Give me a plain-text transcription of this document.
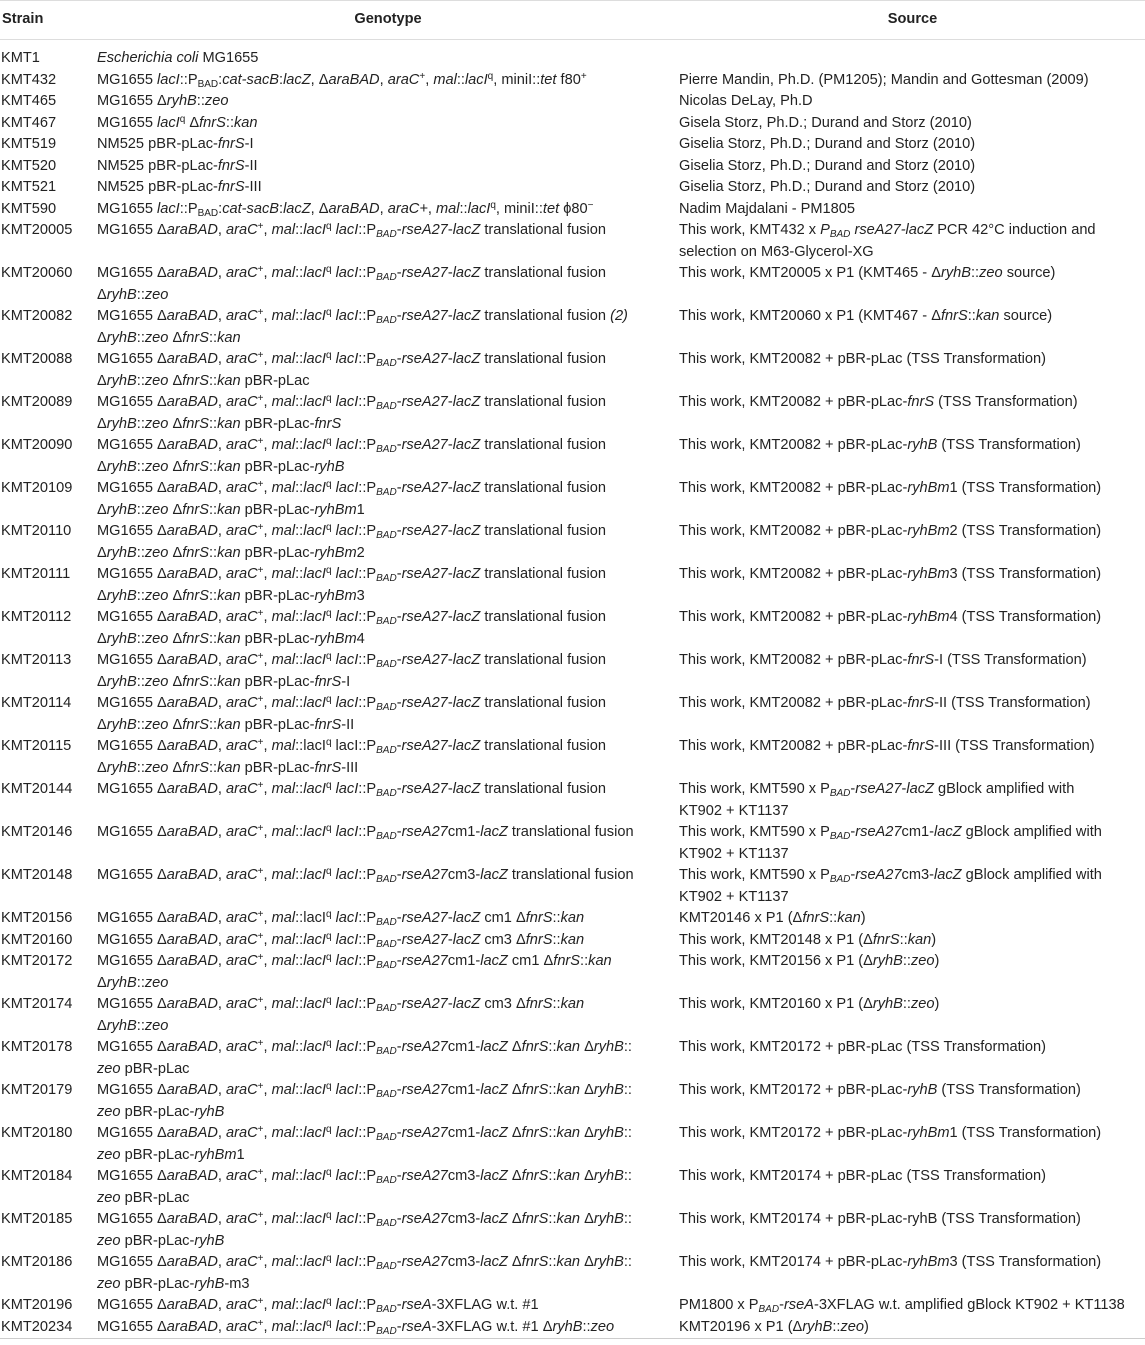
Strain	Genotype	Source
KMT1	Escherichia coli MG1655	
KMT432	MG1655 $lacI::P_{BAD}:cat-sacB:lacZ$, ΔaraBAD, araC+, mal::lacI$^q$, miniI::tet f80+	Pierre Mandin, Ph.D. (PM1205); Mandin and Gottesman (2009)
KMT465	MG1655 ΔryhB::zeo	Nicolas DeLay, Ph.D
KMT467	MG1655 lacI$^q$ ΔfnrS::kan	Gisela Storz, Ph.D.; Durand and Storz (2010)
KMT519	NM525 pBR-pLac-fnrS-I	Giselia Storz, Ph.D.; Durand and Storz (2010)
KMT520	NM525 pBR-pLac-fnrS-II	Giselia Storz, Ph.D.; Durand and Storz (2010)
KMT521	NM525 pBR-pLac-fnrS-III	Giselia Storz, Ph.D.; Durand and Storz (2010)
KMT590	MG1655 $lacI::P_{BAD}:cat-sacB:lacZ$, ΔaraBAD, araC+, mal::lacI$^q$, miniI::tet ϕ80−	Nadim Majdalani - PM1805
KMT20005	MG1655 ΔaraBAD, araC+, mal::lacI$^q$ $lacI::P_{BAD}-rseA27$-lacZ translational fusion	This work, KMT432 x $P_{BAD}$ rseA27-lacZ PCR 42°C induction and
selection on M63-Glycerol-XG
KMT20060	MG1655 ΔaraBAD, araC+, mal::lacI$^q$ $lacI::P_{BAD}-rseA27$-lacZ translational fusion
ΔryhB::zeo	This work, KMT20005 x P1 (KMT465 - ΔryhB::zeo source)
KMT20082	MG1655 ΔaraBAD, araC+, mal::lacI$^q$ $lacI::P_{BAD}-rseA27$-lacZ translational fusion (2)
ΔryhB::zeo ΔfnrS::kan	This work, KMT20060 x P1 (KMT467 - ΔfnrS::kan source)
KMT20088	MG1655 ΔaraBAD, araC+, mal::lacI$^q$ $lacI::P_{BAD}-rseA27$-lacZ translational fusion
ΔryhB::zeo ΔfnrS::kan pBR-pLac	This work, KMT20082 + pBR-pLac (TSS Transformation)
KMT20089	MG1655 ΔaraBAD, araC+, mal::lacI$^q$ $lacI::P_{BAD}-rseA27$-lacZ translational fusion
ΔryhB::zeo ΔfnrS::kan pBR-pLac-fnrS	This work, KMT20082 + pBR-pLac-fnrS (TSS Transformation)
KMT20090	MG1655 ΔaraBAD, araC+, mal::lacI$^q$ $lacI::P_{BAD}-rseA27$-lacZ translational fusion
ΔryhB::zeo ΔfnrS::kan pBR-pLac-ryhB	This work, KMT20082 + pBR-pLac-ryhB (TSS Transformation)
KMT20109	MG1655 ΔaraBAD, araC+, mal::lacI$^q$ $lacI::P_{BAD}-rseA27$-lacZ translational fusion
ΔryhB::zeo ΔfnrS::kan pBR-pLac-ryhBm1	This work, KMT20082 + pBR-pLac-ryhBm1 (TSS Transformation)
KMT20110	MG1655 ΔaraBAD, araC+, mal::lacI$^q$ $lacI::P_{BAD}-rseA27$-lacZ translational fusion
ΔryhB::zeo ΔfnrS::kan pBR-pLac-ryhBm2	This work, KMT20082 + pBR-pLac-ryhBm2 (TSS Transformation)
KMT20111	MG1655 ΔaraBAD, araC+, mal::lacI$^q$ $lacI::P_{BAD}-rseA27$-lacZ translational fusion
ΔryhB::zeo ΔfnrS::kan pBR-pLac-ryhBm3	This work, KMT20082 + pBR-pLac-ryhBm3 (TSS Transformation)
KMT20112	MG1655 ΔaraBAD, araC+, mal::lacI$^q$ $lacI::P_{BAD}-rseA27$-lacZ translational fusion
ΔryhB::zeo ΔfnrS::kan pBR-pLac-ryhBm4	This work, KMT20082 + pBR-pLac-ryhBm4 (TSS Transformation)
KMT20113	MG1655 ΔaraBAD, araC+, mal::lacI$^q$ $lacI::P_{BAD}-rseA27$-lacZ translational fusion
ΔryhB::zeo ΔfnrS::kan pBR-pLac-fnrS-I	This work, KMT20082 + pBR-pLac-fnrS-I (TSS Transformation)
KMT20114	MG1655 ΔaraBAD, araC+, mal::lacI$^q$ $lacI::P_{BAD}-rseA27$-lacZ translational fusion
ΔryhB::zeo ΔfnrS::kan pBR-pLac-fnrS-II	This work, KMT20082 + pBR-pLac-fnrS-II (TSS Transformation)
KMT20115	MG1655 ΔaraBAD, araC+, mal::lacI$^q$ $lacI::P_{BAD}-rseA27$-lacZ translational fusion
ΔryhB::zeo ΔfnrS::kan pBR-pLac-fnrS-III	This work, KMT20082 + pBR-pLac-fnrS-III (TSS Transformation)
KMT20144	MG1655 ΔaraBAD, araC+, mal::lacI$^q$ $lacI::P_{BAD}-rseA27$-lacZ translational fusion	This work, KMT590 x $P_{BAD}-rseA27$-lacZ gBlock amplified with
KT902 + KT1137
KMT20146	MG1655 ΔaraBAD, araC+, mal::lacI$^q$ $lacI::P_{BAD}-rseA27cm1$-lacZ translational fusion	This work, KMT590 x $P_{BAD}-rseA27cm1$-lacZ gBlock amplified with
KT902 + KT1137
KMT20148	MG1655 ΔaraBAD, araC+, mal::lacI$^q$ $lacI::P_{BAD}-rseA27cm3$-lacZ translational fusion	This work, KMT590 x $P_{BAD}-rseA27cm3$-lacZ gBlock amplified with
KT902 + KT1137
KMT20156	MG1655 ΔaraBAD, araC+, mal::lacI$^q$ $lacI::P_{BAD}-rseA27$-lacZ cm1 ΔfnrS::kan	KMT20146 x P1 (ΔfnrS::kan)
KMT20160	MG1655 ΔaraBAD, araC+, mal::lacI$^q$ $lacI::P_{BAD}-rseA27$-lacZ cm3 ΔfnrS::kan	This work, KMT20148 x P1 (ΔfnrS::kan)
KMT20172	MG1655 ΔaraBAD, araC+, mal::lacI$^q$ $lacI::P_{BAD}-rseA27cm1$-lacZ cm1 ΔfnrS::kan
ΔryhB::zeo	This work, KMT20156 x P1 (ΔryhB::zeo)
KMT20174	MG1655 ΔaraBAD, araC+, mal::lacI$^q$ $lacI::P_{BAD}-rseA27$-lacZ cm3 ΔfnrS::kan
ΔryhB::zeo	This work, KMT20160 x P1 (ΔryhB::zeo)
KMT20178	MG1655 ΔaraBAD, araC+, mal::lacI$^q$ $lacI::P_{BAD}-rseA27cm1$-lacZ ΔfnrS::kan ΔryhB::
zeo pBR-pLac	This work, KMT20172 + pBR-pLac (TSS Transformation)
KMT20179	MG1655 ΔaraBAD, araC+, mal::lacI$^q$ $lacI::P_{BAD}-rseA27cm1$-lacZ ΔfnrS::kan ΔryhB::
zeo pBR-pLac-ryhB	This work, KMT20172 + pBR-pLac-ryhB (TSS Transformation)
KMT20180	MG1655 ΔaraBAD, araC+, mal::lacI$^q$ $lacI::P_{BAD}-rseA27cm1$-lacZ ΔfnrS::kan ΔryhB::
zeo pBR-pLac-ryhBm1	This work, KMT20172 + pBR-pLac-ryhBm1 (TSS Transformation)
KMT20184	MG1655 ΔaraBAD, araC+, mal::lacI$^q$ $lacI::P_{BAD}-rseA27cm3$-lacZ ΔfnrS::kan ΔryhB::
zeo pBR-pLac	This work, KMT20174 + pBR-pLac (TSS Transformation)
KMT20185	MG1655 ΔaraBAD, araC+, mal::lacI$^q$ $lacI::P_{BAD}-rseA27cm3$-lacZ ΔfnrS::kan ΔryhB::
zeo pBR-pLac-ryhB	This work, KMT20174 + pBR-pLac-ryhB (TSS Transformation)
KMT20186	MG1655 ΔaraBAD, araC+, mal::lacI$^q$ $lacI::P_{BAD}-rseA27cm3$-lacZ ΔfnrS::kan ΔryhB::
zeo pBR-pLac-ryhB-m3	This work, KMT20174 + pBR-pLac-ryhBm3 (TSS Transformation)
KMT20196	MG1655 ΔaraBAD, araC+, mal::lacI$^q$ $lacI::P_{BAD}-rseA-3XFLAG$ w.t. #1	PM1800 x $P_{BAD}-rseA-3XFLAG$ w.t. amplified gBlock KT902 + KT1138
KMT20234	MG1655 ΔaraBAD, araC+, mal::lacI$^q$ $lacI::P_{BAD}-rseA-3XFLAG$ w.t. #1 ΔryhB::zeo	KMT20196 x P1 (ΔryhB::zeo)
